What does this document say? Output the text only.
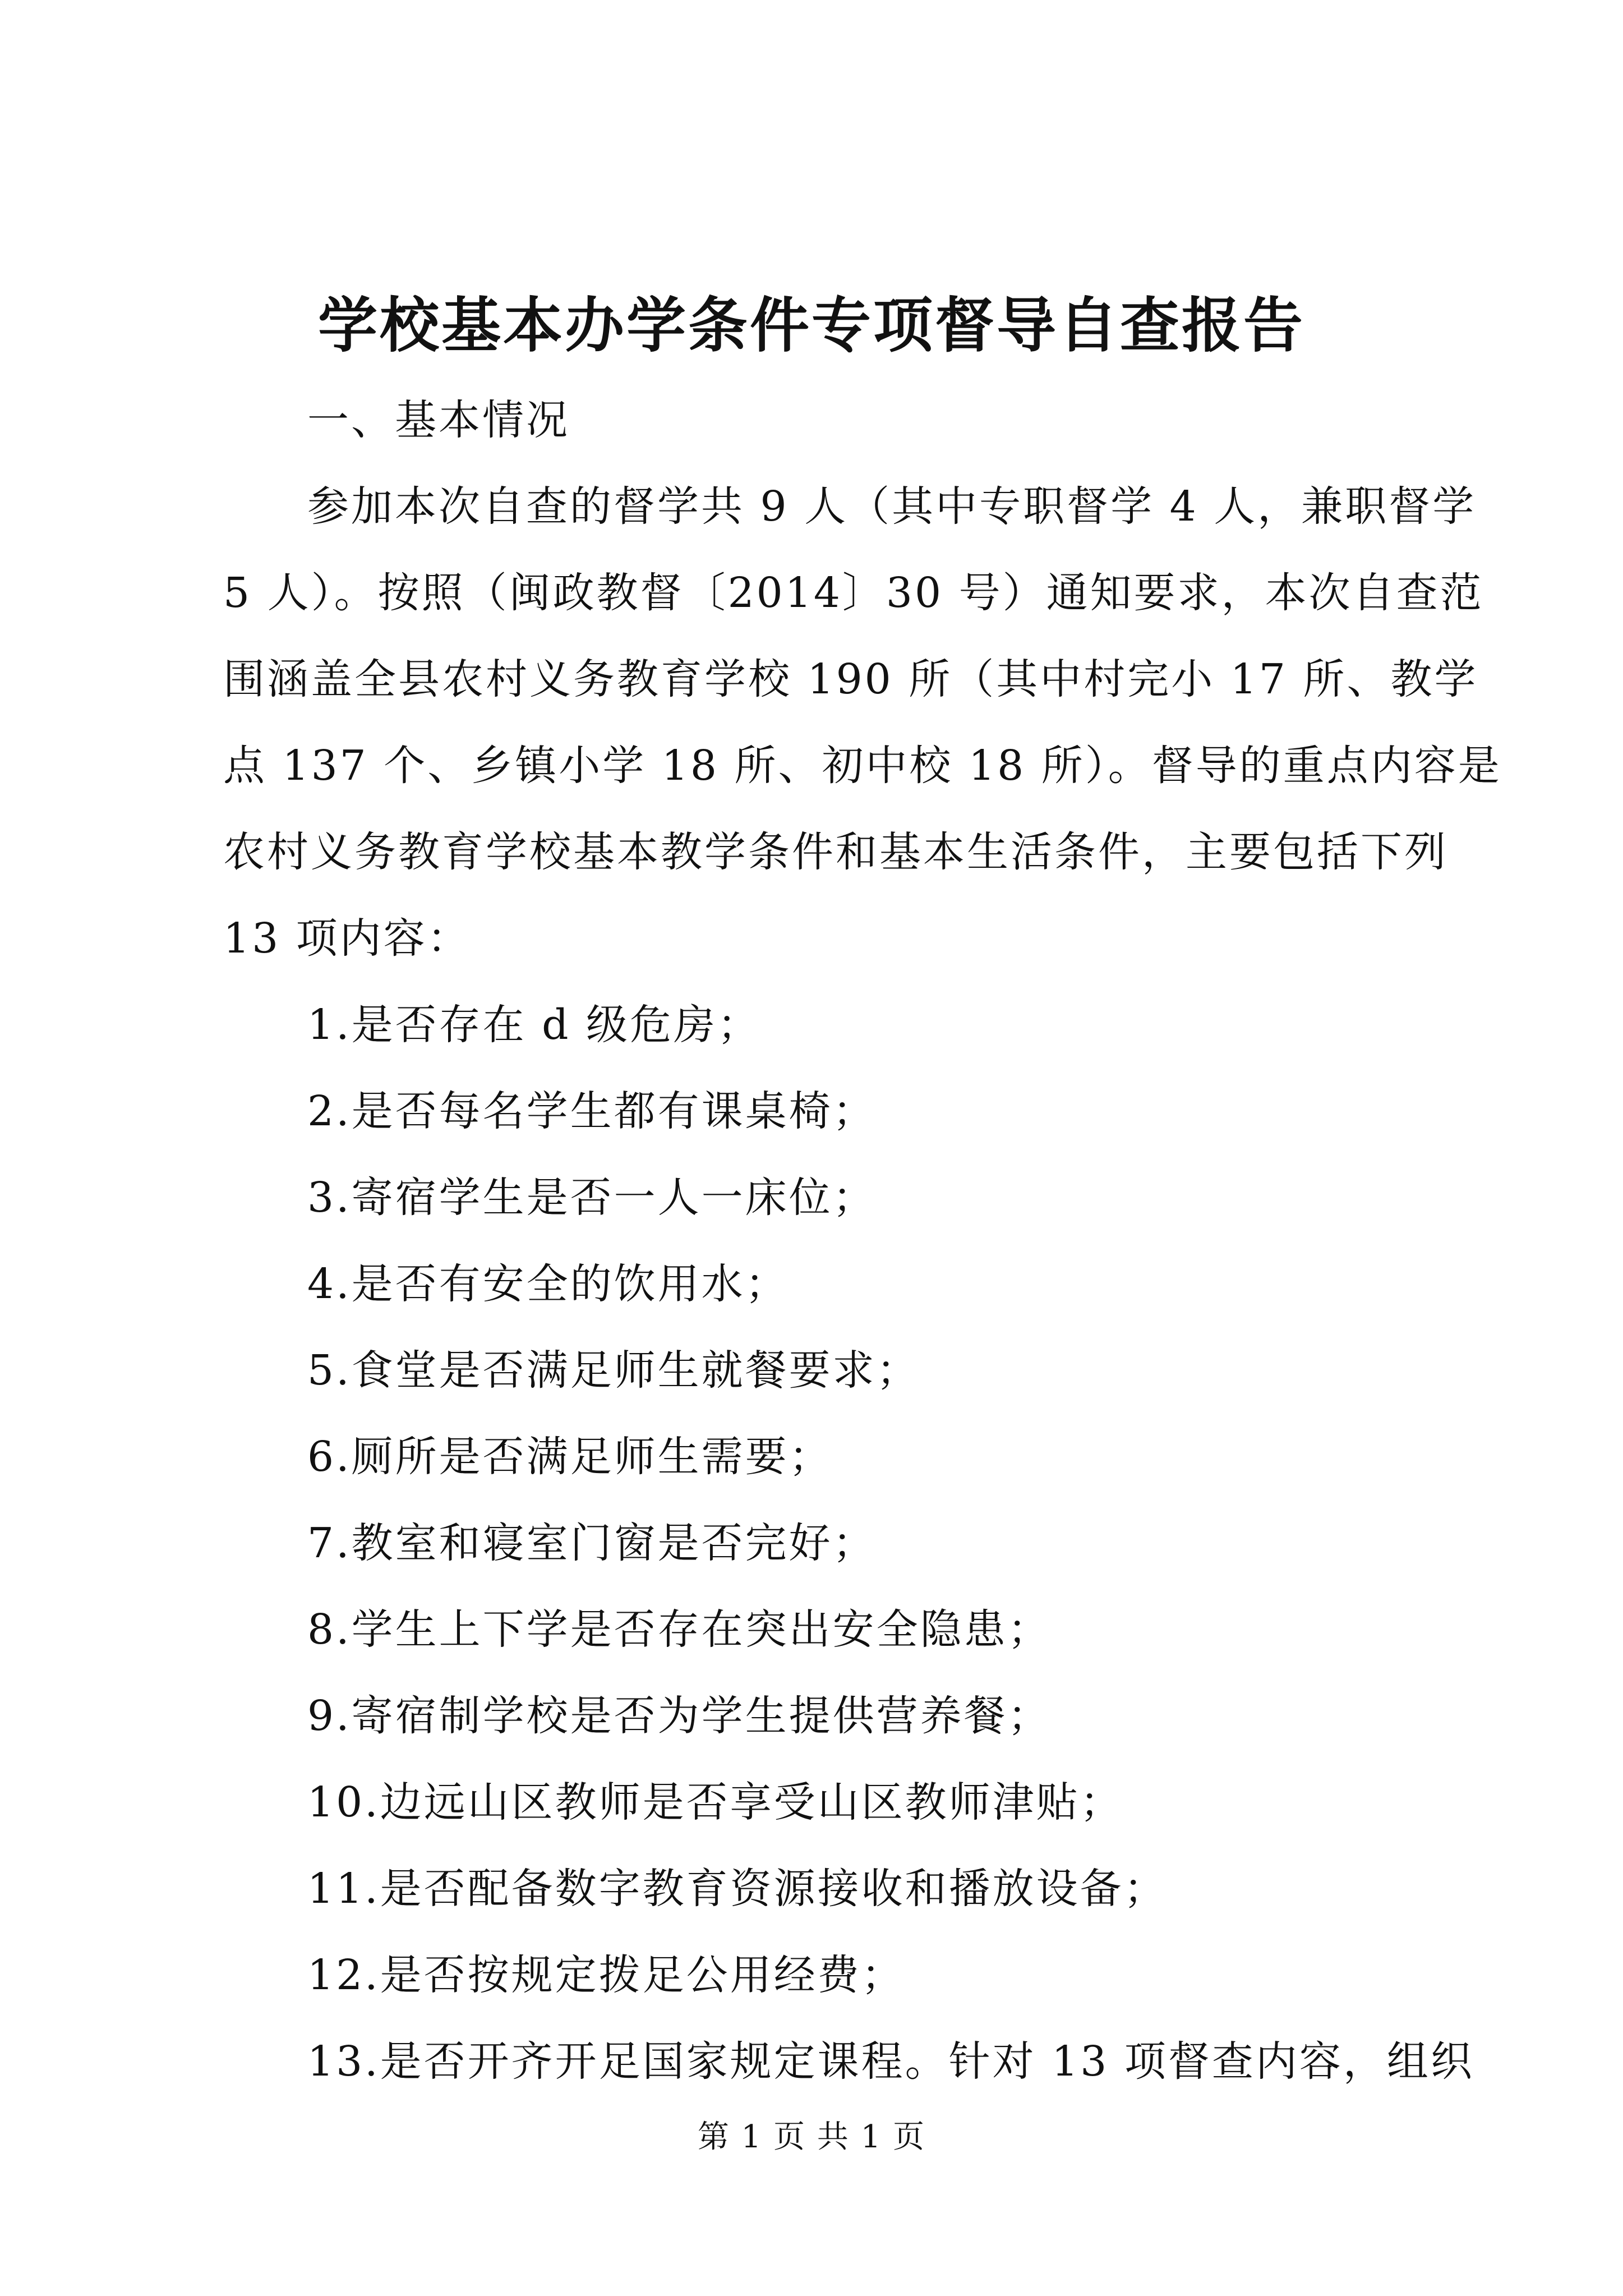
学校基本办学条件专项督导自查报告
一、基本情况
参加本次自查的督学共 9 人（其中专职督学 4 人，兼职督学
5 人）。按照（闽政教督〔2014〕30 号）通知要求，本次自查范
围涵盖全县农村义务教育学校 190 所（其中村完小 17 所、教学
点 137 个、乡镇小学 18 所、初中校 18 所）。督导的重点内容是
农村义务教育学校基本教学条件和基本生活条件，主要包括下列
13 项内容：
1.是否存在 d 级危房；
2.是否每名学生都有课桌椅；
3.寄宿学生是否一人一床位；
4.是否有安全的饮用水；
5.食堂是否满足师生就餐要求；
6.厕所是否满足师生需要；
7.教室和寝室门窗是否完好；
8.学生上下学是否存在突出安全隐患；
9.寄宿制学校是否为学生提供营养餐；
10.边远山区教师是否享受山区教师津贴；
11.是否配备数字教育资源接收和播放设备；
12.是否按规定拨足公用经费；
13.是否开齐开足国家规定课程。针对 13 项督查内容，组织
第 1 页 共 1 页
